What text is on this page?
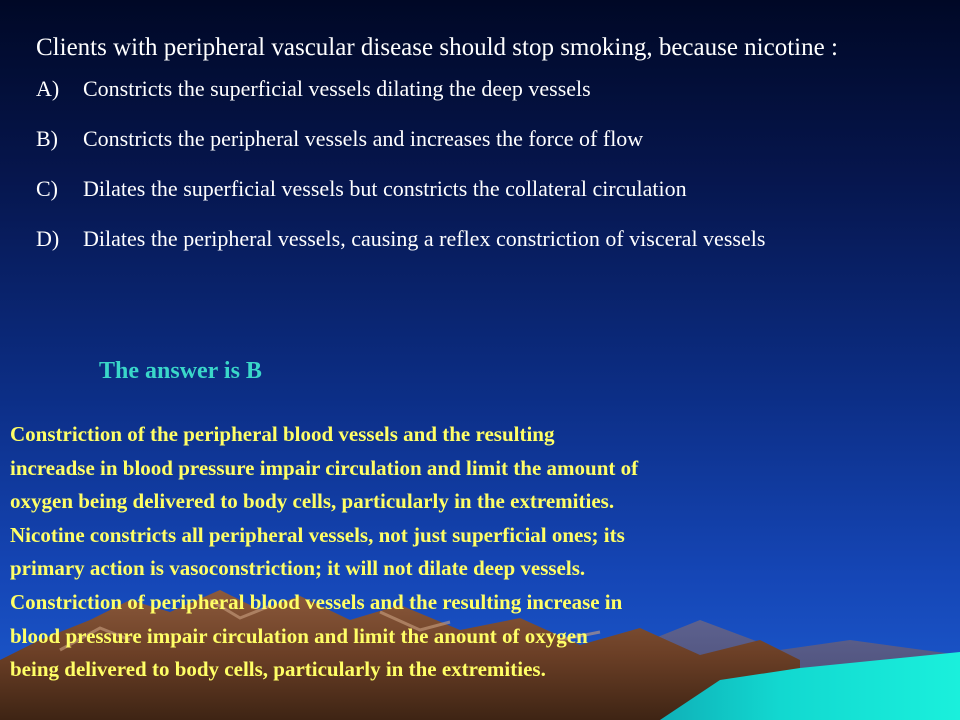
Clients with peripheral vascular disease should stop smoking, because nicotine :

A)	Constricts the superficial vessels dilating the deep vessels
B)	Constricts the peripheral vessels and increases the force of flow
C)	Dilates the superficial vessels but constricts the collateral circulation
D)	Dilates the peripheral vessels, causing a reflex constriction of visceral vessels
The answer is B
Constriction of the peripheral blood vessels and the resulting
increadse in blood pressure impair circulation and limit the amount of
oxygen being delivered to body cells, particularly in the extremities.
Nicotine constricts all peripheral vessels, not just superficial ones; its
primary action is vasoconstriction; it will not dilate deep vessels.
Constriction of peripheral blood vessels and the resulting increase in
blood pressure impair circulation and limit the anount of oxygen
being delivered to body cells, particularly in the extremities.
